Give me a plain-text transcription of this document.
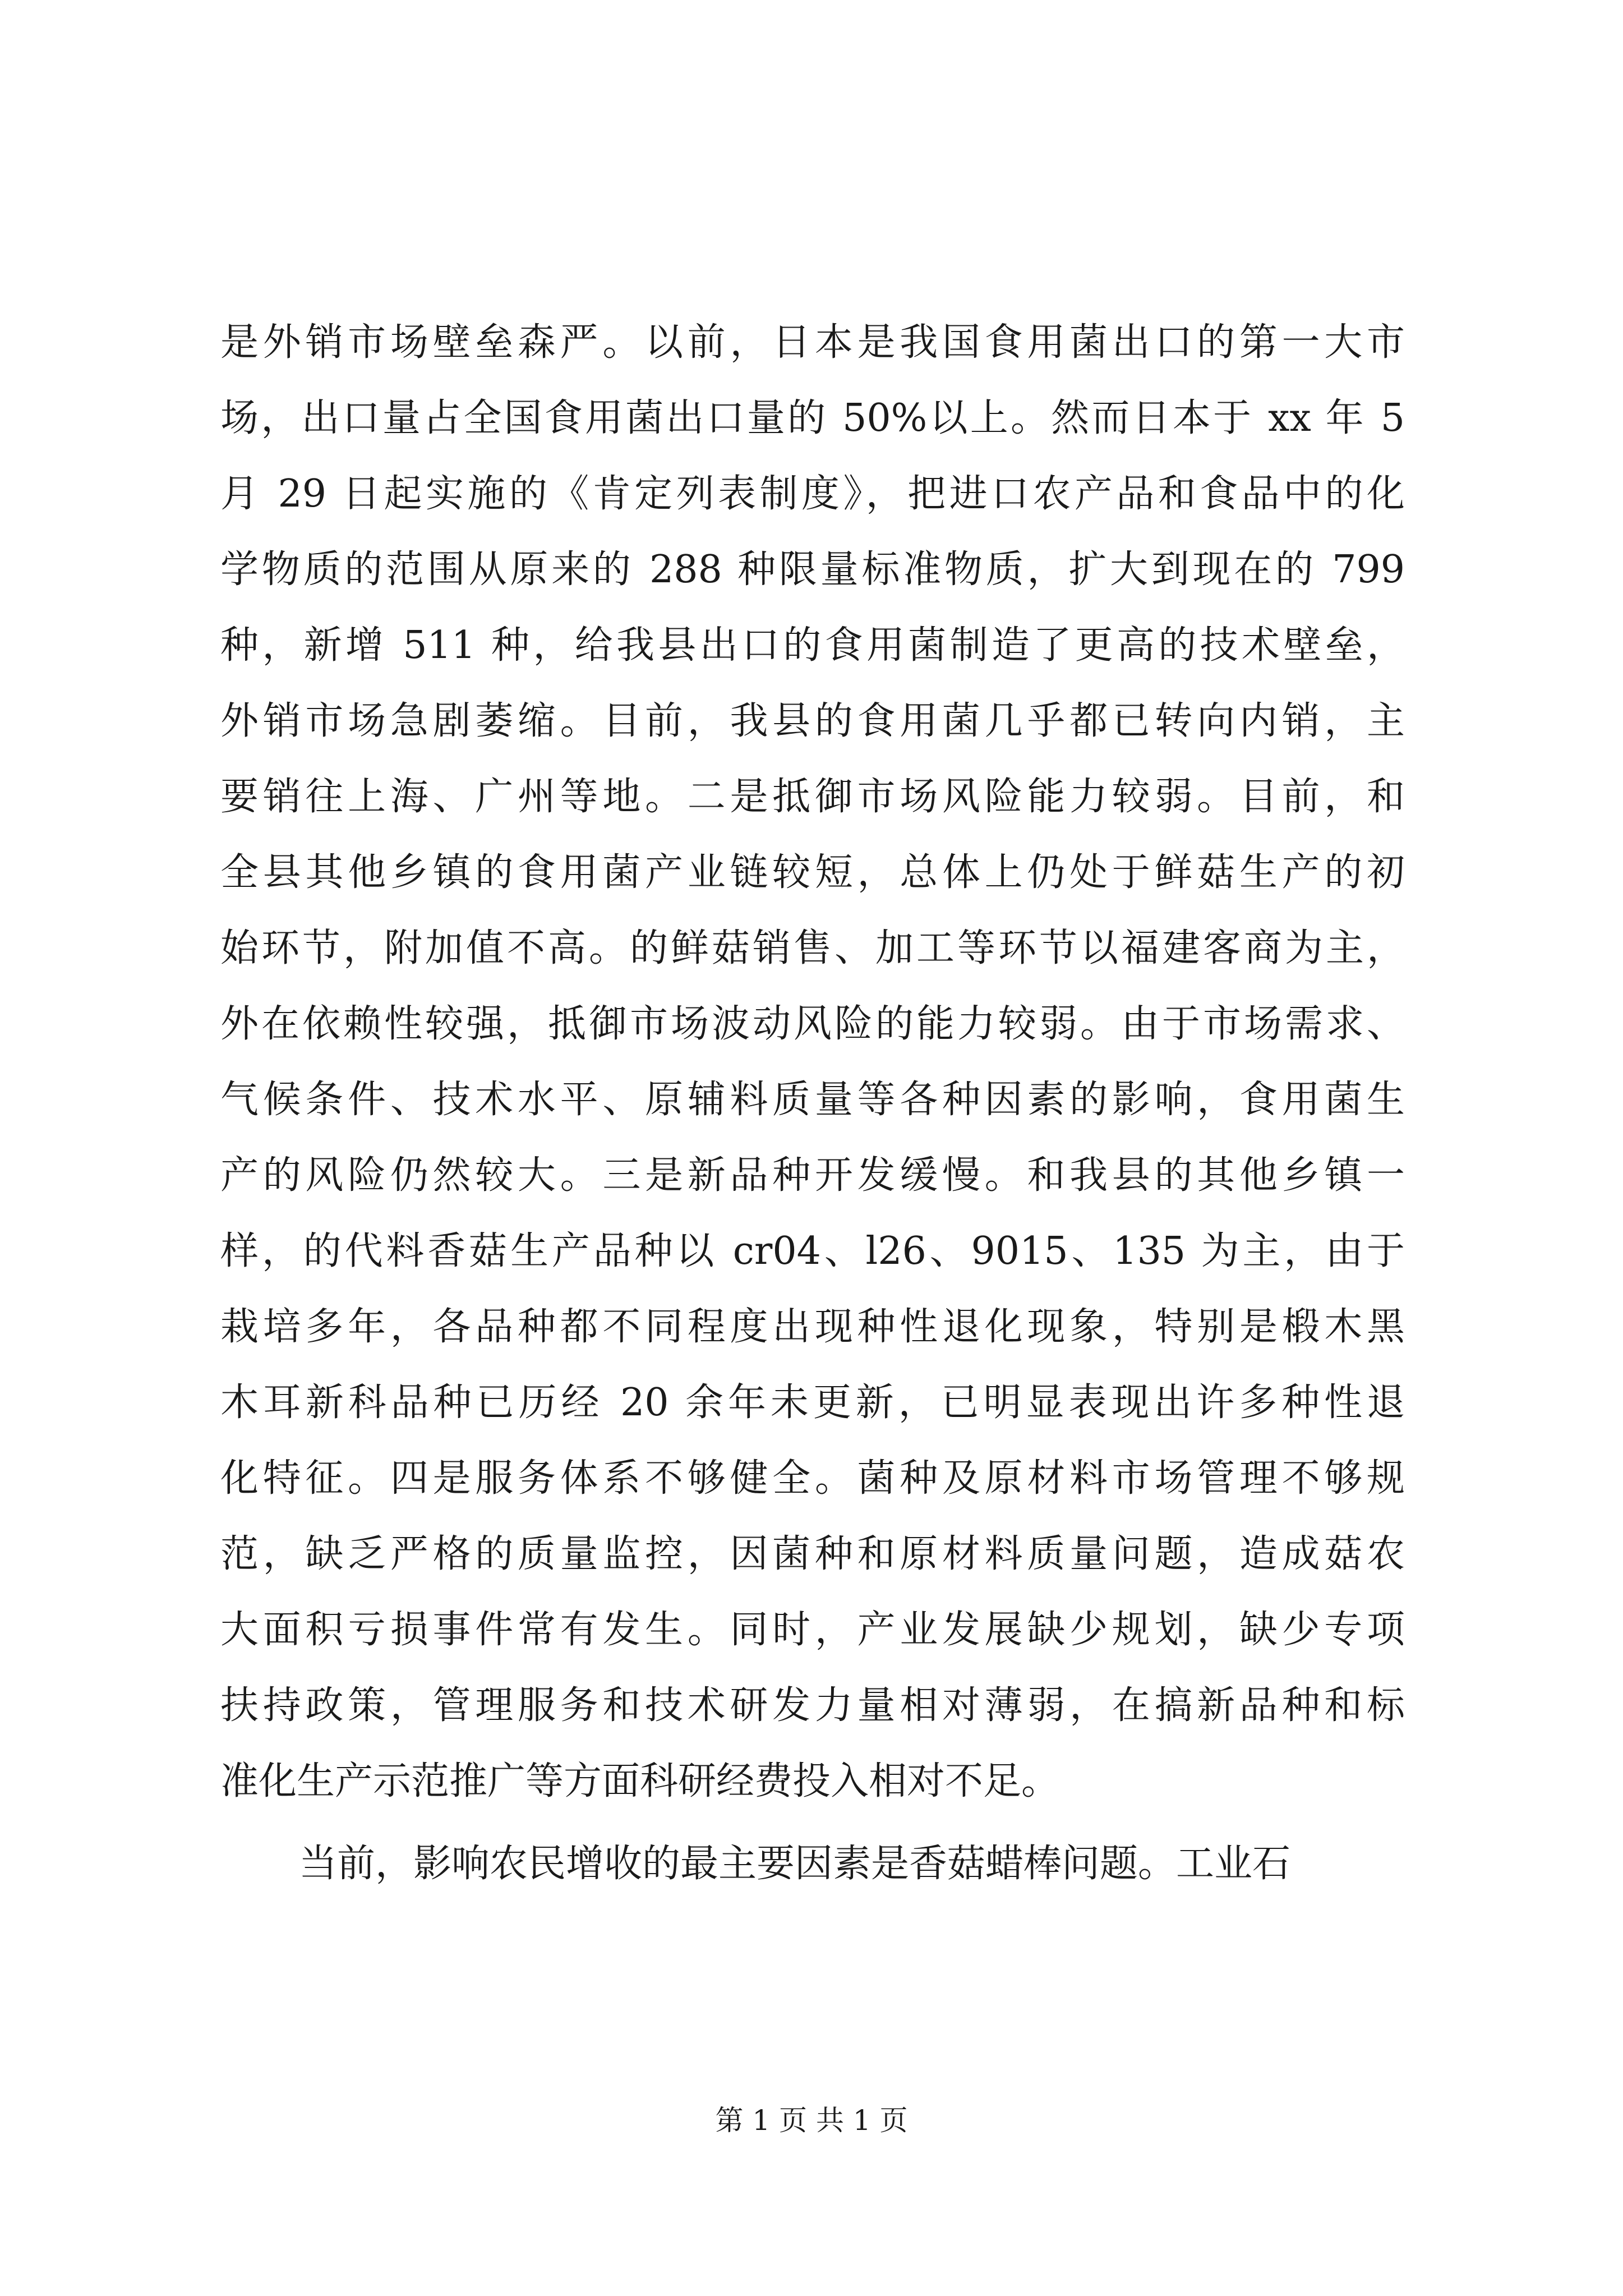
是外销市场壁垒森严。以前，日本是我国食用菌出口的第一大市
场，出口量占全国食用菌出口量的 50%以上。然而日本于 xx 年 5
月 29 日起实施的《肯定列表制度》，把进口农产品和食品中的化
学物质的范围从原来的 288 种限量标准物质，扩大到现在的 799
种，新增 511 种，给我县出口的食用菌制造了更高的技术壁垒，
外销市场急剧萎缩。目前，我县的食用菌几乎都已转向内销，主
要销往上海、广州等地。二是抵御市场风险能力较弱。目前，和
全县其他乡镇的食用菌产业链较短，总体上仍处于鲜菇生产的初
始环节，附加值不高。的鲜菇销售、加工等环节以福建客商为主，
外在依赖性较强，抵御市场波动风险的能力较弱。由于市场需求、
气候条件、技术水平、原辅料质量等各种因素的影响，食用菌生
产的风险仍然较大。三是新品种开发缓慢。和我县的其他乡镇一
样，的代料香菇生产品种以 cr04、l26、9015、135 为主，由于
栽培多年，各品种都不同程度出现种性退化现象，特别是椴木黑
木耳新科品种已历经 20 余年未更新，已明显表现出许多种性退
化特征。四是服务体系不够健全。菌种及原材料市场管理不够规
范，缺乏严格的质量监控，因菌种和原材料质量问题，造成菇农
大面积亏损事件常有发生。同时，产业发展缺少规划，缺少专项
扶持政策，管理服务和技术研发力量相对薄弱，在搞新品种和标
准化生产示范推广等方面科研经费投入相对不足。
当前，影响农民增收的最主要因素是香菇蜡棒问题。工业石
第 1 页 共 1 页
